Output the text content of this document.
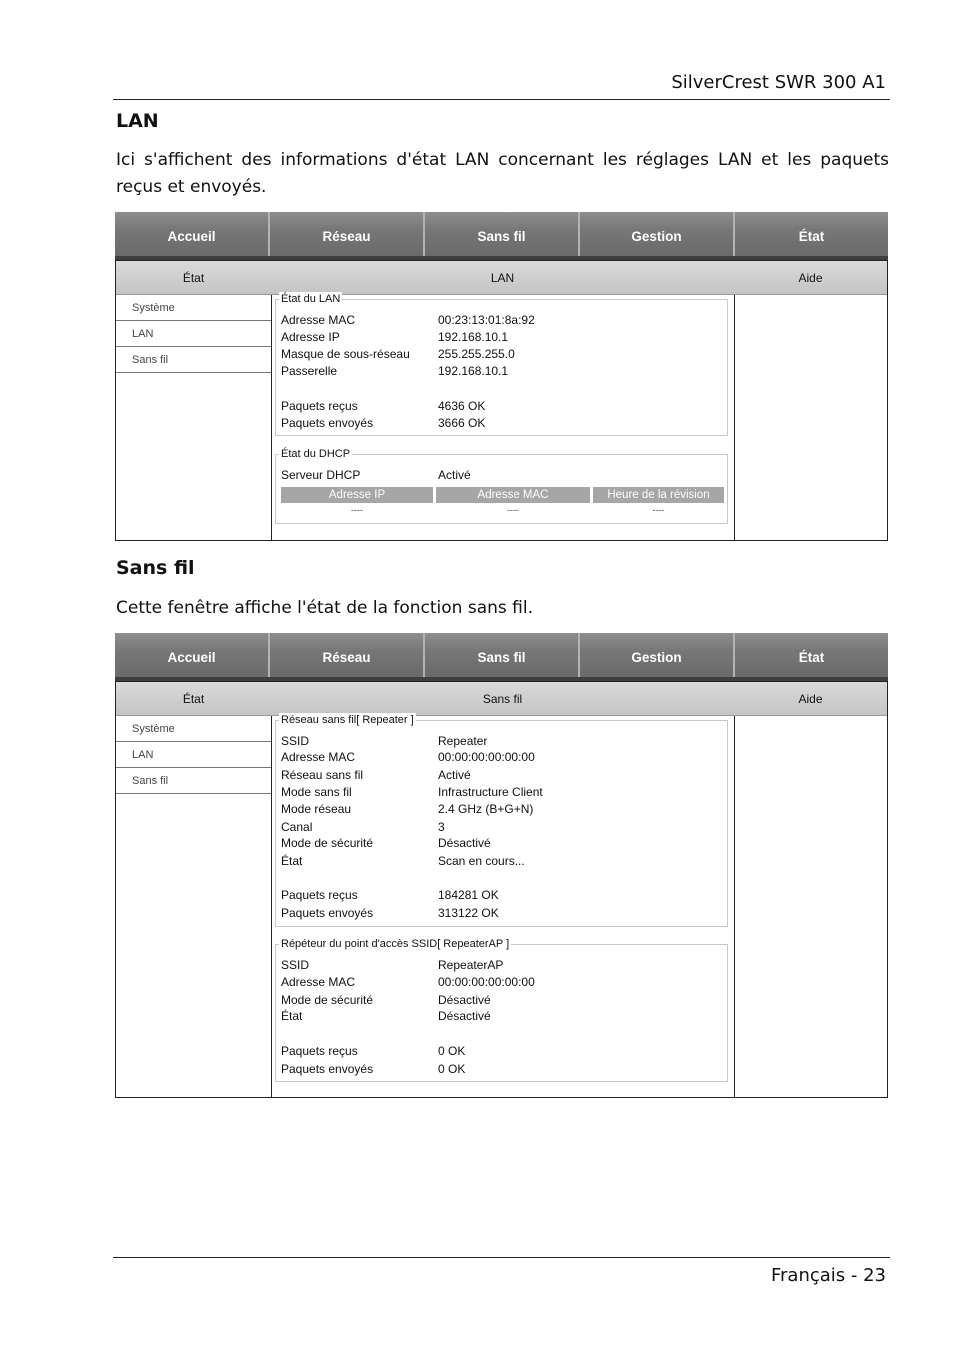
SilverCrest SWR 300 A1
LAN
Ici s'affichent des informations d'état LAN concernant les réglages LAN et les paquets reçus et envoyés.
Accueil	Réseau	Sans fil	Gestion	État
État
Système
LAN
Sans fil
LAN
État du LAN
Adresse MAC	00:23:13:01:8a:92
Adresse IP	192.168.10.1
Masque de sous-réseau 255.255.255.0
Passerelle	192.168.10.1
Paquets reçus	4636 OK
Paquets envoyés	3666 OK
État du DHCP
Serveur DHCP	Activé
Adresse IP	Adresse MAC	Heure de la révision
----	----	----
Aide
Sans fil
Cette fenêtre affiche l'état de la fonction sans fil.
Accueil	Réseau	Sans fil	Gestion	État
État
Système
LAN
Sans fil
Sans fil
Réseau sans fil[ Repeater ]
SSID	Repeater
Adresse MAC	00:00:00:00:00:00
Réseau sans fil	Activé
Mode sans fil	Infrastructure Client
Mode réseau	2.4 GHz (B+G+N)
Canal	3
Mode de sécurité	Désactivé
État	Scan en cours...
Paquets reçus	184281 OK
Paquets envoyés	313122 OK
Répéteur du point d'accès SSID[ RepeaterAP ]
SSID	RepeaterAP
Adresse MAC	00:00:00:00:00:00
Mode de sécurité	Désactivé
État	Désactivé
Paquets reçus	0 OK
Paquets envoyés	0 OK
Aide
Français - 23
